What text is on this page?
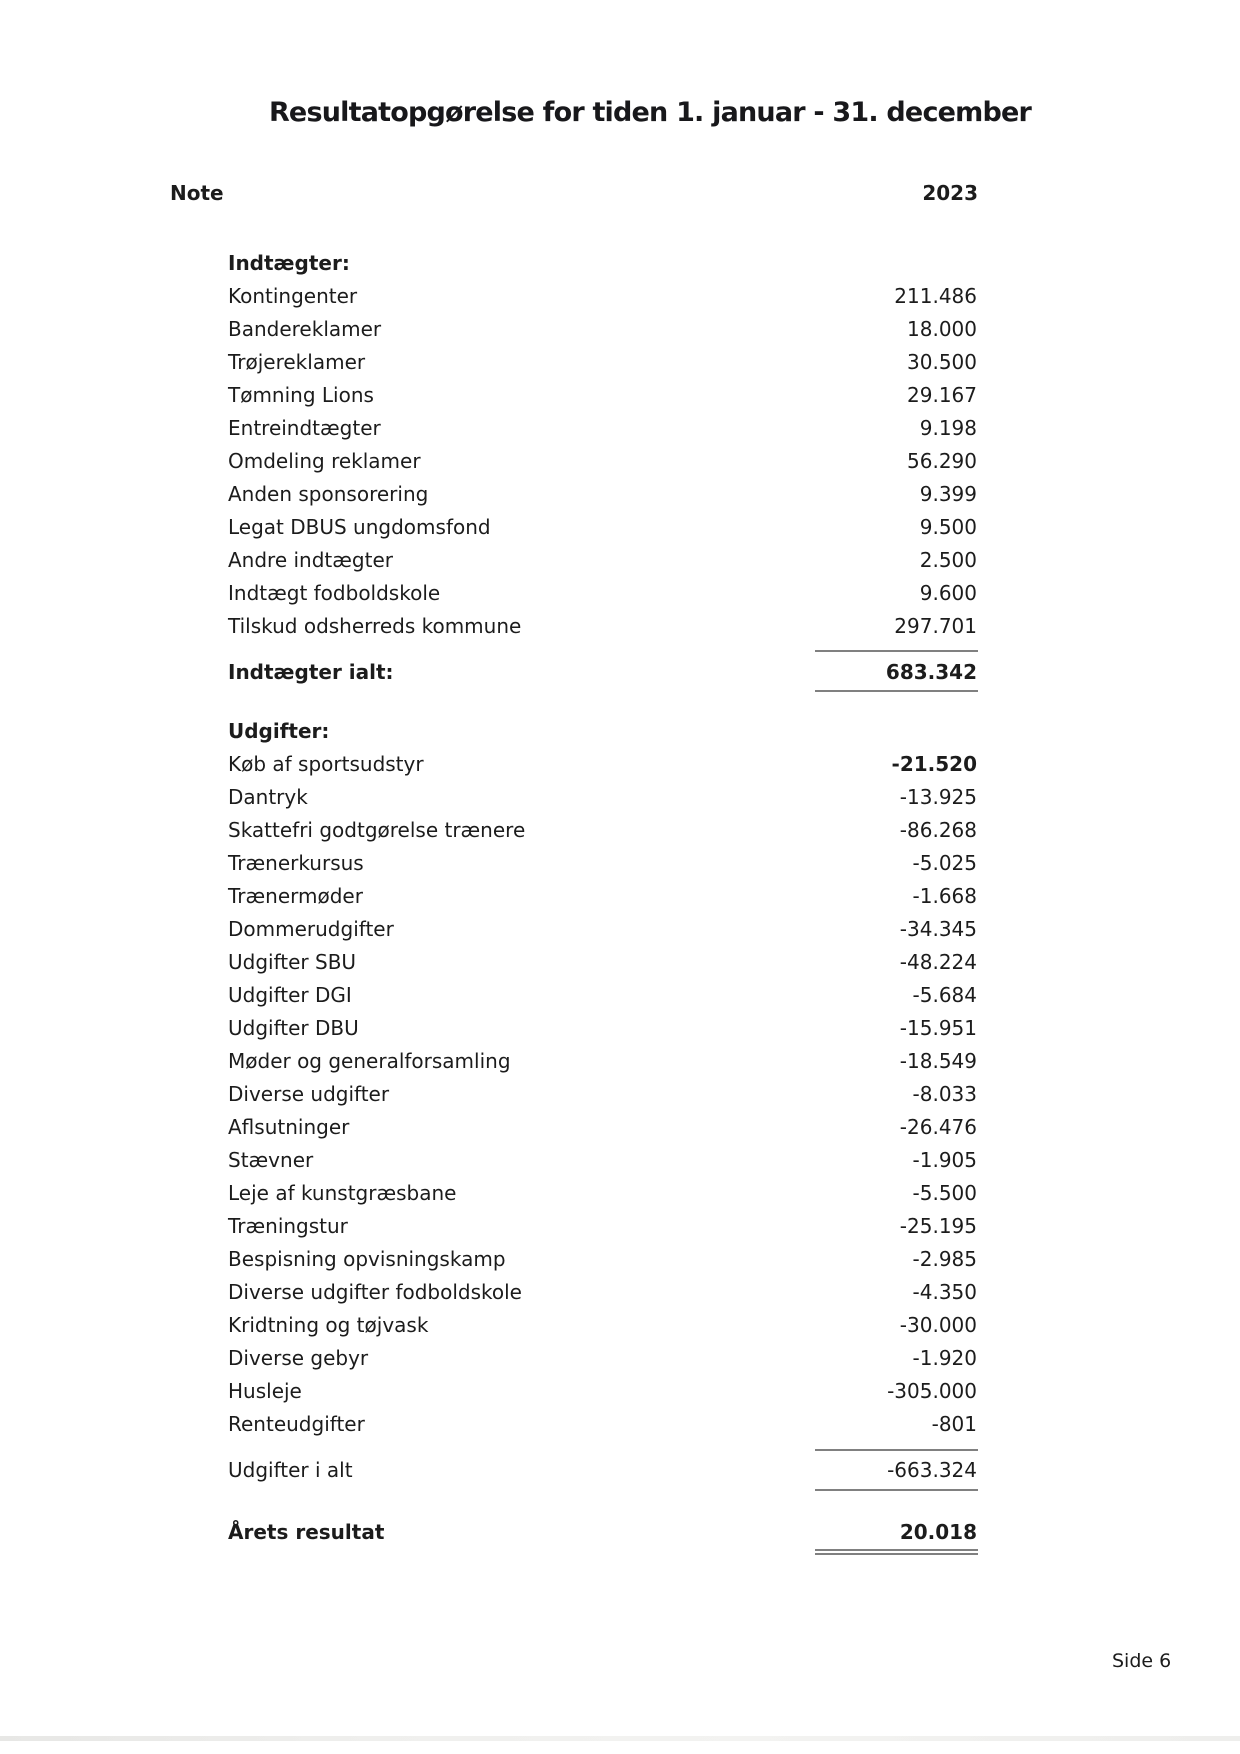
Resultatopgørelse for tiden 1. januar - 31. december
Note	2023
Indtægter:
Kontingenter	211.486
Bandereklamer	18.000
Trøjereklamer	30.500
Tømning Lions	29.167
Entreindtægter	9.198
Omdeling reklamer	56.290
Anden sponsorering	9.399
Legat DBUS ungdomsfond	9.500
Andre indtægter	2.500
Indtægt fodboldskole	9.600
Tilskud odsherreds kommune	297.701
Indtægter ialt:	683.342
Udgifter:
Køb af sportsudstyr	-21.520
Dantryk	-13.925
Skattefri godtgørelse trænere	-86.268
Trænerkursus	-5.025
Trænermøder	-1.668
Dommerudgifter	-34.345
Udgifter SBU	-48.224
Udgifter DGI	-5.684
Udgifter DBU	-15.951
Møder og generalforsamling	-18.549
Diverse udgifter	-8.033
Aflsutninger	-26.476
Stævner	-1.905
Leje af kunstgræsbane	-5.500
Træningstur	-25.195
Bespisning opvisningskamp	-2.985
Diverse udgifter fodboldskole	-4.350
Kridtning og tøjvask	-30.000
Diverse gebyr	-1.920
Husleje	-305.000
Renteudgifter	-801
Udgifter i alt	-663.324
Årets resultat	20.018
Side 6
